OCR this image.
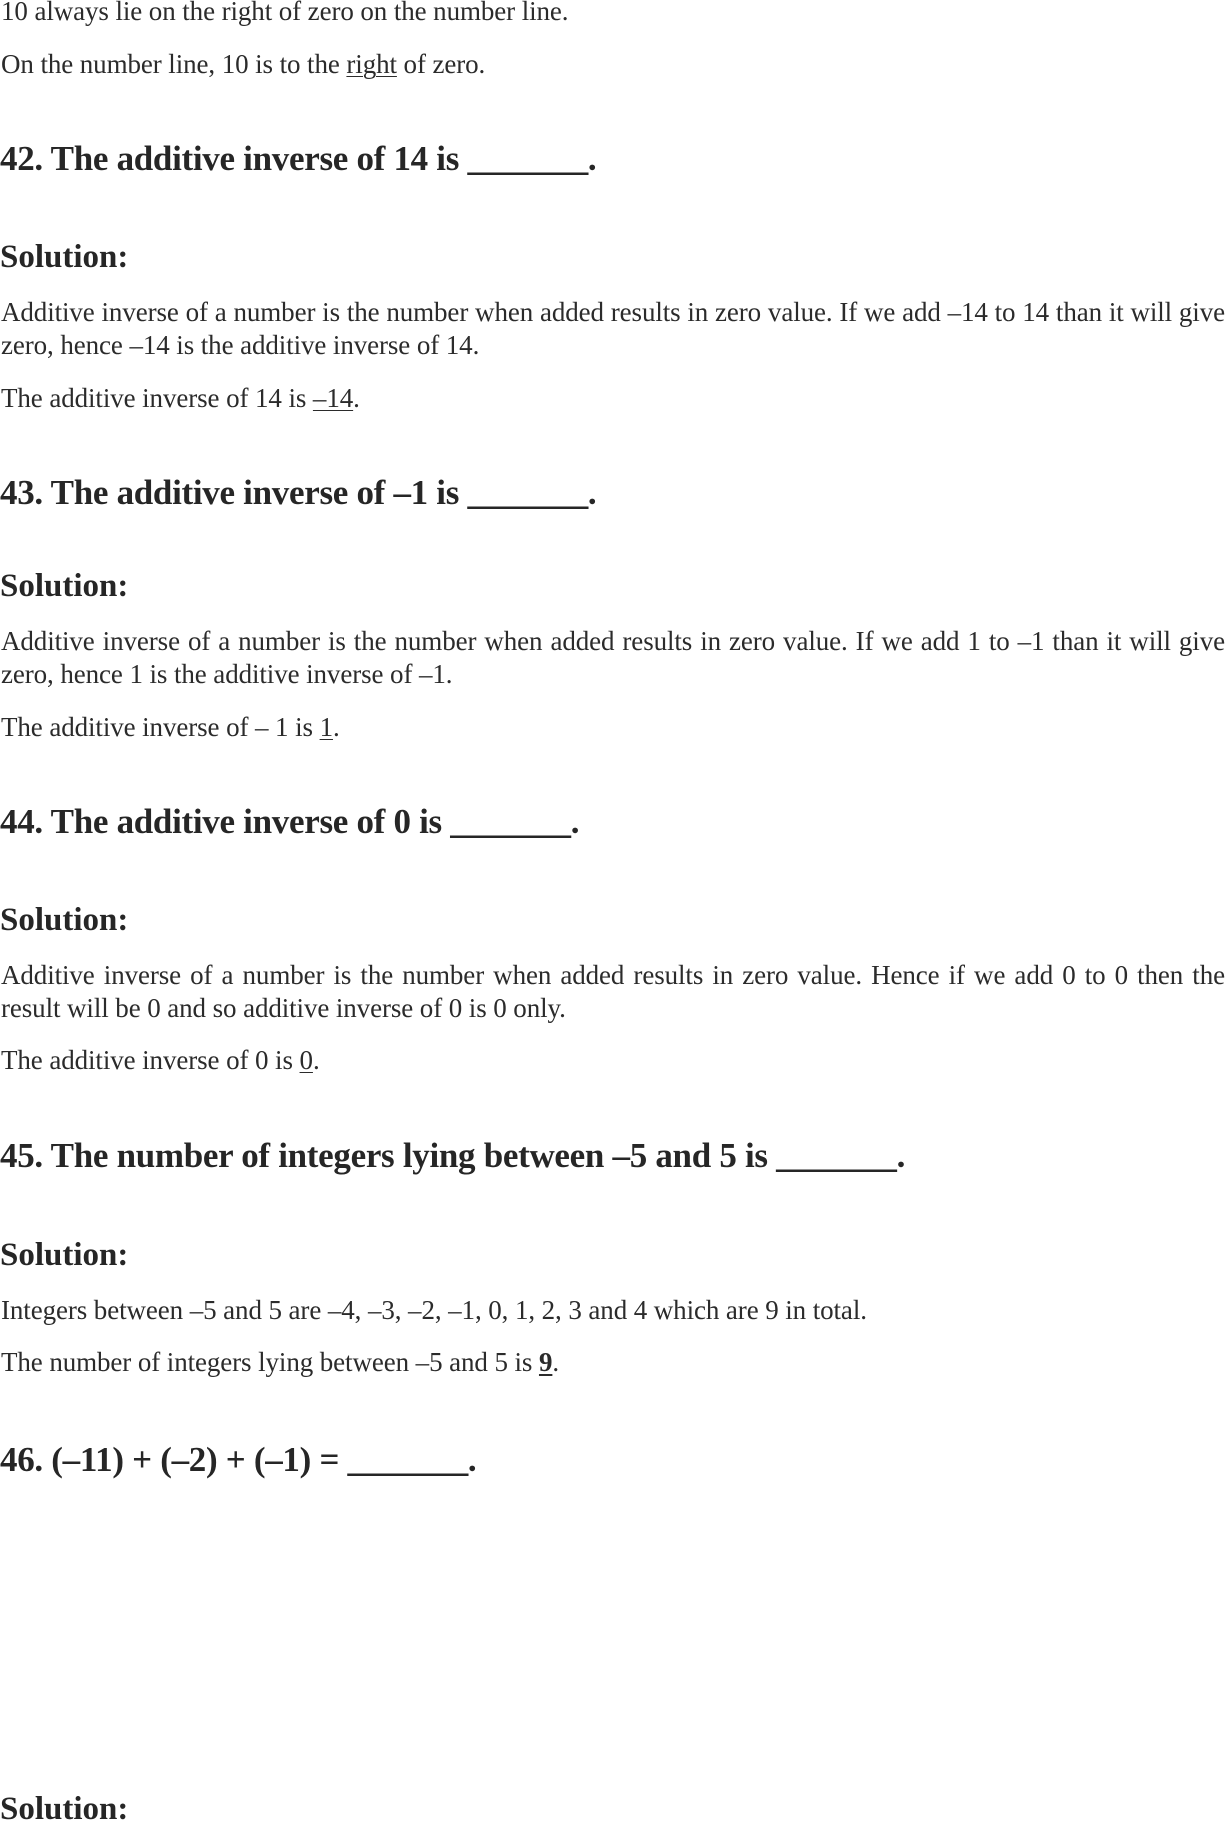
10 always lie on the right of zero on the number line.
On the number line, 10 is to the right of zero.
42. The additive inverse of 14 is _______.
Solution:
Additive inverse of a number is the number when added results in zero value. If we add –14 to 14 than it will give zero, hence –14 is the additive inverse of 14.
The additive inverse of 14 is –14.
43. The additive inverse of –1 is _______.
Solution:
Additive inverse of a number is the number when added results in zero value. If we add 1 to –1 than it will give zero, hence 1 is the additive inverse of –1.
The additive inverse of – 1 is 1.
44. The additive inverse of 0 is _______.
Solution:
Additive inverse of a number is the number when added results in zero value. Hence if we add 0 to 0 then the result will be 0 and so additive inverse of 0 is 0 only.
The additive inverse of 0 is 0.
45. The number of integers lying between –5 and 5 is _______.
Solution:
Integers between –5 and 5 are –4, –3, –2, –1, 0, 1, 2, 3 and 4 which are 9 in total.
The number of integers lying between –5 and 5 is 9.
46. (–11) + (–2) + (–1) = _______.
Solution:
